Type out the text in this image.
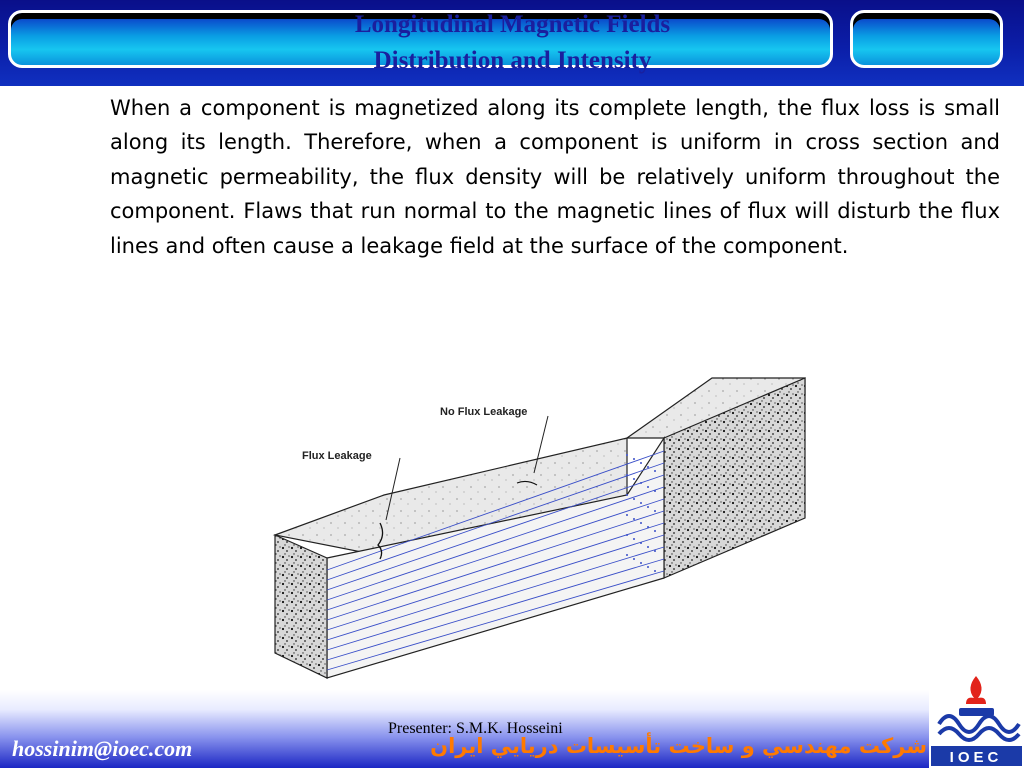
Longitudinal Magnetic Fields
Distribution and Intensity
When a component is magnetized along its complete length, the flux loss is small along its length. Therefore, when a component is uniform in cross section and magnetic permeability, the flux density will be relatively uniform throughout the component. Flaws that run normal to the magnetic lines of flux will disturb the flux lines and often cause a leakage field at the surface of the component.
No Flux Leakage
Flux Leakage
Presenter: S.M.K. Hosseini
hossinim@ioec.com	شركت مهندسي و ساخت تأسيسات دريايي ايران IOEC
